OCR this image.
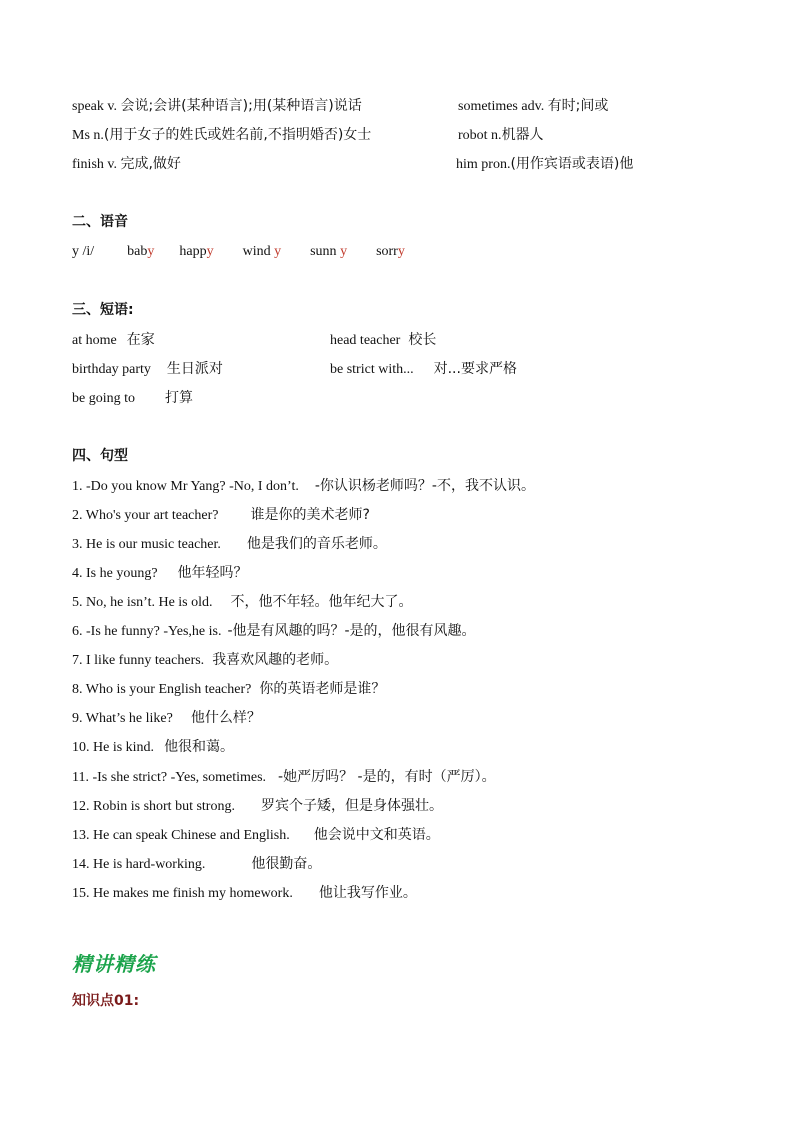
speak v. 会说;会讲(某种语言);用(某种语言)说话	sometimes adv. 有时;间或
Ms n.(用于女子的姓氏或姓名前,不指明婚否)女士	robot n.机器人
finish v. 完成,做好	him pron.(用作宾语或表语)他
二、语音
y /i/ baby happy wind y sunn y sorry
三、短语:
at home 在家	head teacher 校长
birthday party 生日派对	be strict with... 对...要求严格
be going to 打算
四、句型
1. -Do you know Mr Yang? -No, I don’t. -你认识杨老师吗？-不，我不认识。
2. Who's your art teacher? 谁是你的美术老师?
3. He is our music teacher. 他是我们的音乐老师。
4. Is he young? 他年轻吗？
5. No, he isn’t. He is old. 不，他不年轻。他年纪大了。
6. -Is he funny? -Yes,he is. -他是有风趣的吗？-是的，他很有风趣。
7. I like funny teachers. 我喜欢风趣的老师。
8. Who is your English teacher? 你的英语老师是谁？
9. What’s he like? 他什么样？
10. He is kind. 他很和蔼。
11. -Is she strict? -Yes, sometimes. -她严厉吗？ -是的，有时（严厉）。
12. Robin is short but strong. 罗宾个子矮，但是身体强壮。
13. He can speak Chinese and English. 他会说中文和英语。
14. He is hard-working.	他很勤奋。
15. He makes me finish my homework. 他让我写作业。
精讲精练
知识点01:
